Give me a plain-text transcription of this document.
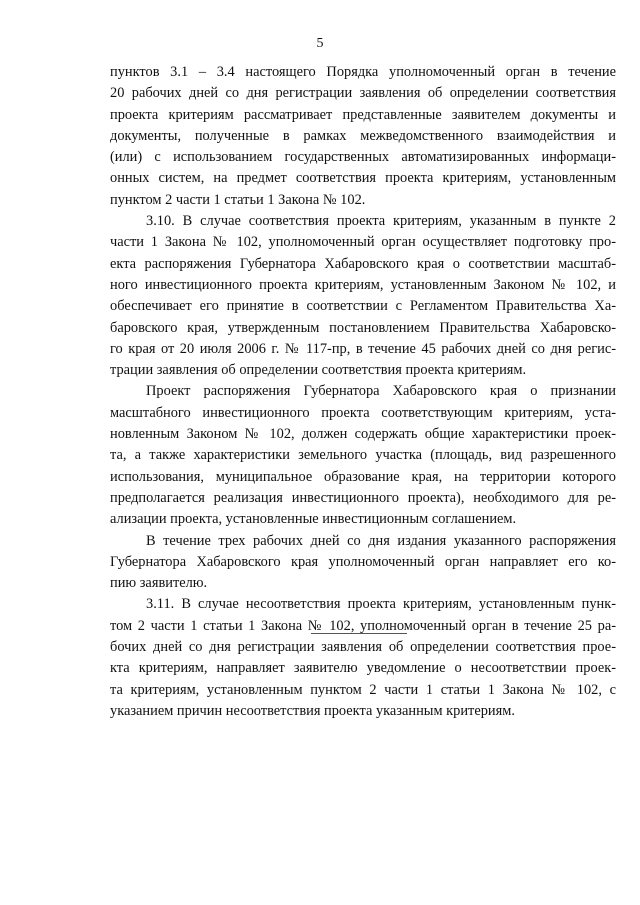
5
пунктов 3.1 – 3.4 настоящего Порядка уполномоченный орган в течение
20 рабочих дней со дня регистрации заявления об определении соответствия
проекта критериям рассматривает представленные заявителем документы и
документы, полученные в рамках межведомственного взаимодействия и
(или) с использованием государственных автоматизированных информаци-
онных систем, на предмет соответствия проекта критериям, установленным
пунктом 2 части 1 статьи 1 Закона № 102.
3.10. В случае соответствия проекта критериям, указанным в пункте 2
части 1 Закона № 102, уполномоченный орган осуществляет подготовку про-
екта распоряжения Губернатора Хабаровского края о соответствии масштаб-
ного инвестиционного проекта критериям, установленным Законом № 102, и
обеспечивает его принятие в соответствии с Регламентом Правительства Ха-
баровского края, утвержденным постановлением Правительства Хабаровско-
го края от 20 июля 2006 г. № 117-пр, в течение 45 рабочих дней со дня регис-
трации заявления об определении соответствия проекта критериям.
Проект распоряжения Губернатора Хабаровского края о признании
масштабного инвестиционного проекта соответствующим критериям, уста-
новленным Законом № 102, должен содержать общие характеристики проек-
та, а также характеристики земельного участка (площадь, вид разрешенного
использования, муниципальное образование края, на территории которого
предполагается реализация инвестиционного проекта), необходимого для ре-
ализации проекта, установленные инвестиционным соглашением.
В течение трех рабочих дней со дня издания указанного распоряжения
Губернатора Хабаровского края уполномоченный орган направляет его ко-
пию заявителю.
3.11. В случае несоответствия проекта критериям, установленным пунк-
том 2 части 1 статьи 1 Закона № 102, уполномоченный орган в течение 25 ра-
бочих дней со дня регистрации заявления об определении соответствия прое-
кта критериям, направляет заявителю уведомление о несоответствии проек-
та критериям, установленным пунктом 2 части 1 статьи 1 Закона № 102, с
указанием причин несоответствия проекта указанным критериям.
